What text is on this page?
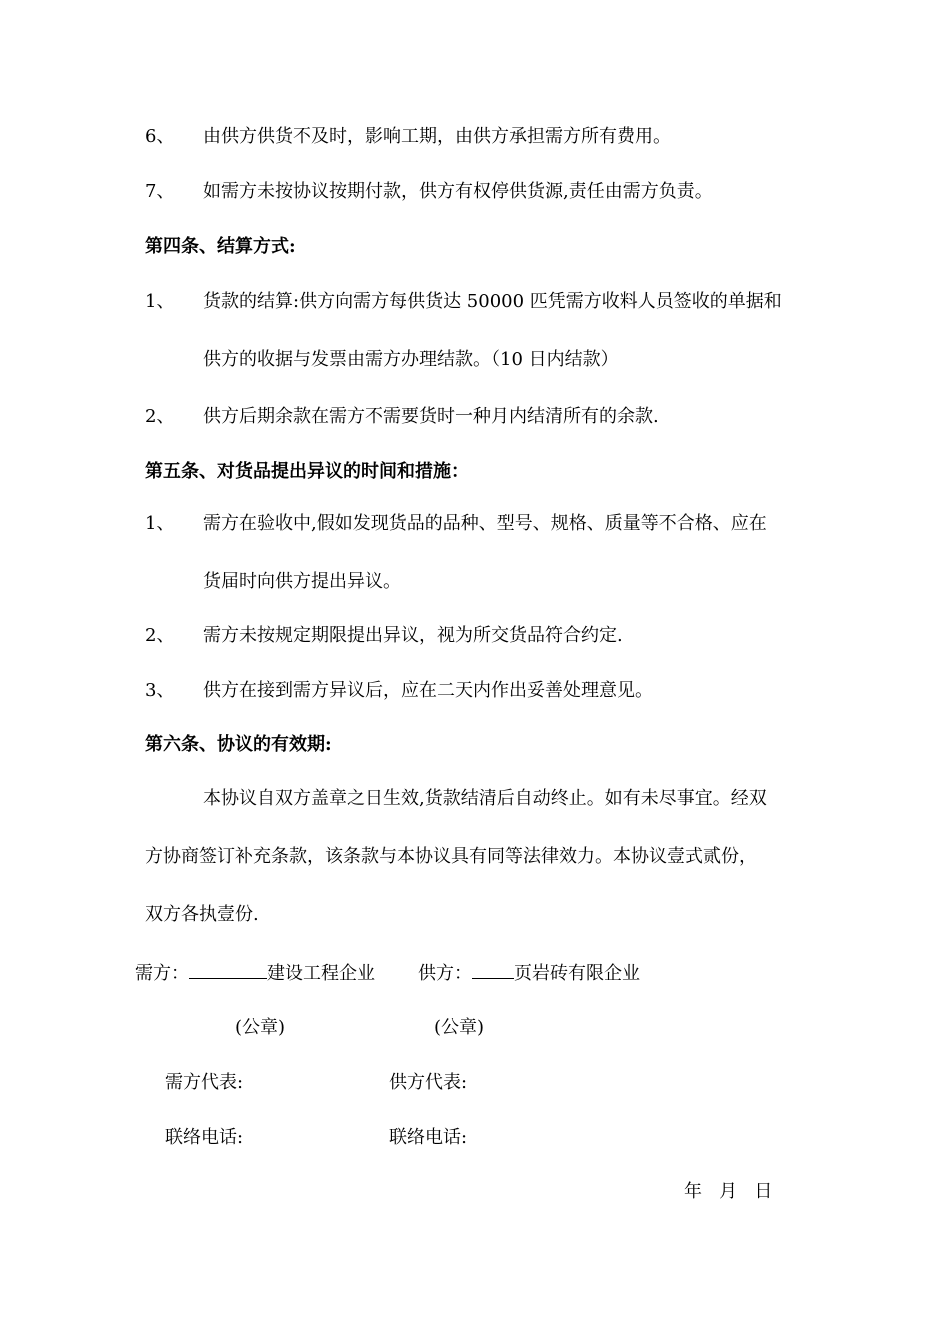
6、 由供方供货不及时，影响工期，由供方承担需方所有费用。
7、 如需方未按协议按期付款，供方有权停供货源,责任由需方负责。
第四条、结算方式:
1、 货款的结算:供方向需方每供货达 50000 匹凭需方收料人员签收的单据和
供方的收据与发票由需方办理结款。（10 日内结款）
2、 供方后期余款在需方不需要货时一种月内结清所有的余款.
第五条、对货品提出异议的时间和措施：
1、 需方在验收中,假如发现货品的品种、型号、规格、质量等不合格、应在
货届时向供方提出异议。
2、 需方未按规定期限提出异议，视为所交货品符合约定.
3、 供方在接到需方异议后，应在二天内作出妥善处理意见。
第六条、协议的有效期:
本协议自双方盖章之日生效,货款结清后自动终止。如有未尽事宜。经双
方协商签订补充条款，该条款与本协议具有同等法律效力。本协议壹式贰份，
双方各执壹份.
需方：	建设工程企业 供方： 页岩砖有限企业
(公章)	(公章)
需方代表:	供方代表:
联络电话:	联络电话:
年   月   日
